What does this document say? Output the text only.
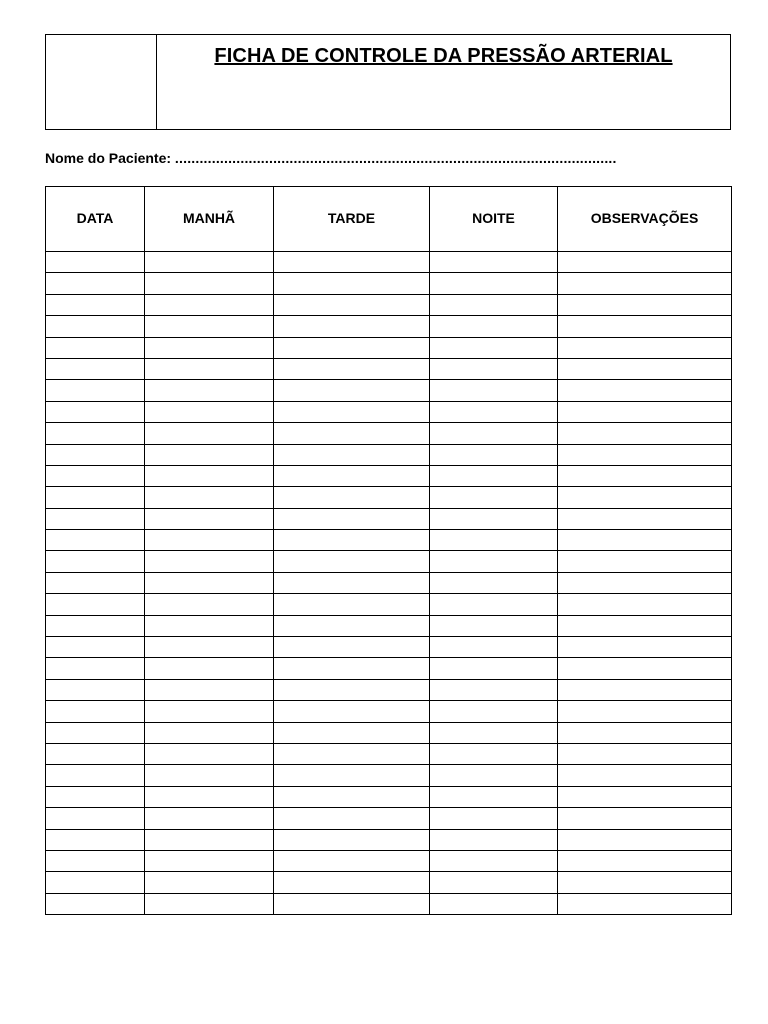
FICHA DE CONTROLE DA PRESSÃO ARTERIAL
Nome do Paciente: ............................................................................................................
DATA	MANHÃ	TARDE	NOITE	OBSERVAÇÕES
